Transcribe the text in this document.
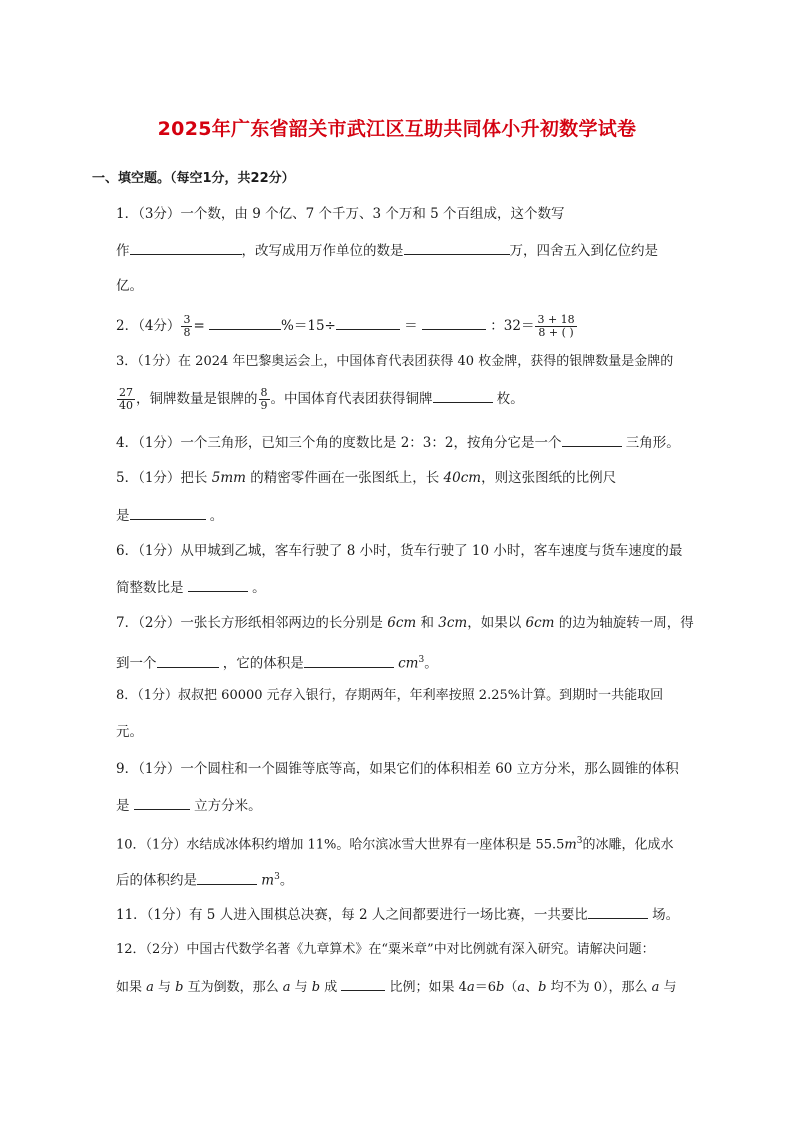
2025年广东省韶关市武江区互助共同体小升初数学试卷
一、填空题。（每空1分，共22分）
1．（3分）一个数，由 9 个亿、7 个千万、3 个万和 5 个百组成，这个数写
作	，改写成用万作单位的数是	万，四舍五入到亿位约是
亿。
2．（4分） $\frac{3}{8}$ =	%＝15÷	＝	：$32= \frac{3 + 18}{8 + ( )}$
3．（1分）在 2024 年巴黎奥运会上，中国体育代表团获得 40 枚金牌，获得的银牌数量是金牌的
$\frac{27}{40}$ ，铜牌数量是银牌的 $\frac{8}{9}$ 。中国体育代表团获得铜牌	枚。
4．（1分）一个三角形，已知三个角的度数比是 2：3：2，按角分它是一个	三角形。
5．（1分）把长 5mm 的精密零件画在一张图纸上，长 40cm，则这张图纸的比例尺
是	。
6．（1分）从甲城到乙城，客车行驶了 8 小时，货车行驶了 10 小时，客车速度与货车速度的最
简整数比是	。
7．（2分）一张长方形纸相邻两边的长分别是 6cm 和 3cm，如果以 6cm 的边为轴旋转一周，得
到一个	，它的体积是	$cm^3$。
8．（1分）叔叔把 60000 元存入银行，存期两年，年利率按照 2.25%计算。到期时一共能取回
元。
9．（1分）一个圆柱和一个圆锥等底等高，如果它们的体积相差 60 立方分米，那么圆锥的体积
是	立方分米。
10．（1分）水结成冰体积约增加 11%。哈尔滨冰雪大世界有一座体积是 $55.5m^3$的冰雕，化成水
后的体积约是	$m^3$。
11．（1分）有 5 人进入围棋总决赛，每 2 人之间都要进行一场比赛，一共要比	场。
12．（2分）中国古代数学名著《九章算术》在“粟米章”中对比例就有深入研究。请解决问题：
如果 a 与 b 互为倒数，那么 a 与 b 成	比例；如果 4a＝6b（a、b 均不为 0），那么 a 与
